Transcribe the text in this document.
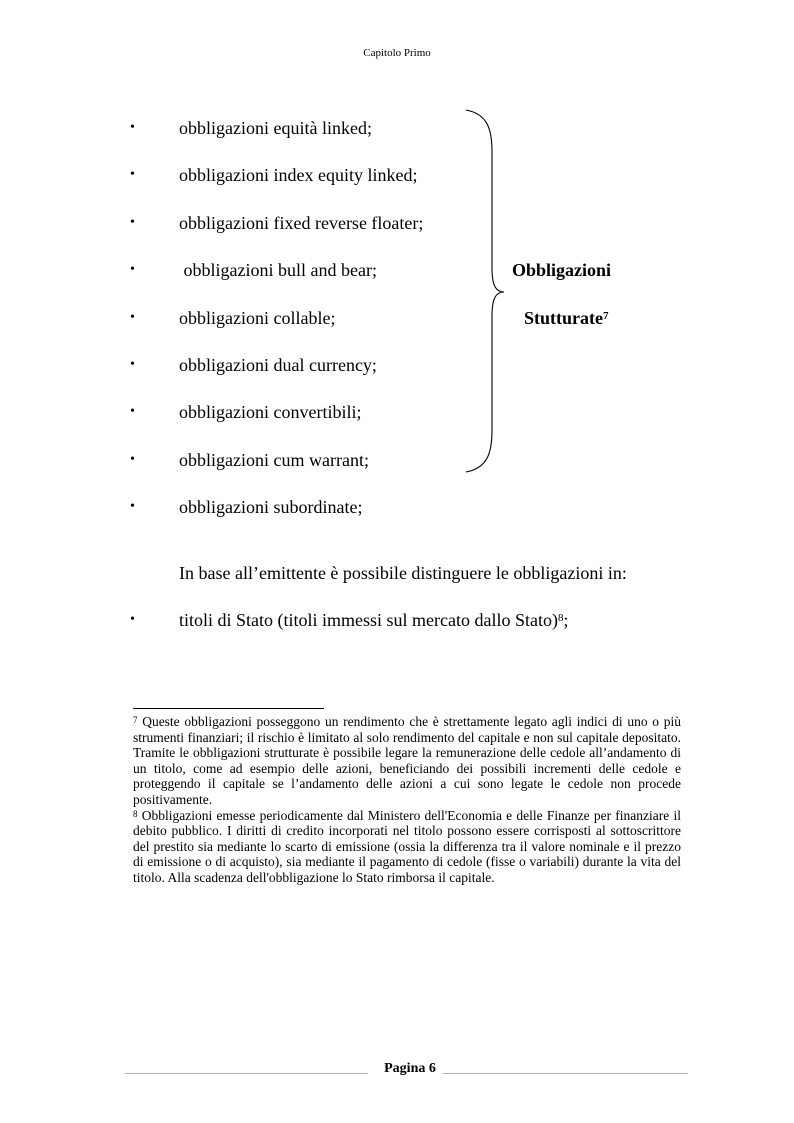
Capitolo Primo
• obbligazioni equità linked;
• obbligazioni index equity linked;
• obbligazioni fixed reverse floater;
• obbligazioni bull and bear;
• obbligazioni collable;
• obbligazioni dual currency;
• obbligazioni convertibili;
• obbligazioni cum warrant;
• obbligazioni subordinate;
Obbligazioni
Stutturate$^7$
In base all’emittente è possibile distinguere le obbligazioni in:
• titoli di Stato (titoli immessi sul mercato dallo Stato)$^8$;

$^7$ Queste obbligazioni posseggono un rendimento che è strettamente legato agli indici di uno o più strumenti finanziari; il rischio è limitato al solo rendimento del capitale e non sul capitale depositato. Tramite le obbligazioni strutturate è possibile legare la remunerazione delle cedole all’andamento di un titolo, come ad esempio delle azioni, beneficiando dei possibili incrementi delle cedole e proteggendo il capitale se l’andamento delle azioni a cui sono legate le cedole non procede positivamente.

$^8$ Obbligazioni emesse periodicamente dal Ministero dell'Economia e delle Finanze per finanziare il debito pubblico. I diritti di credito incorporati nel titolo possono essere corrisposti al sottoscrittore del prestito sia mediante lo scarto di emissione (ossia la differenza tra il valore nominale e il prezzo di emissione o di acquisto), sia mediante il pagamento di cedole (fisse o variabili) durante la vita del titolo. Alla scadenza dell'obbligazione lo Stato rimborsa il capitale.

Pagina 6
